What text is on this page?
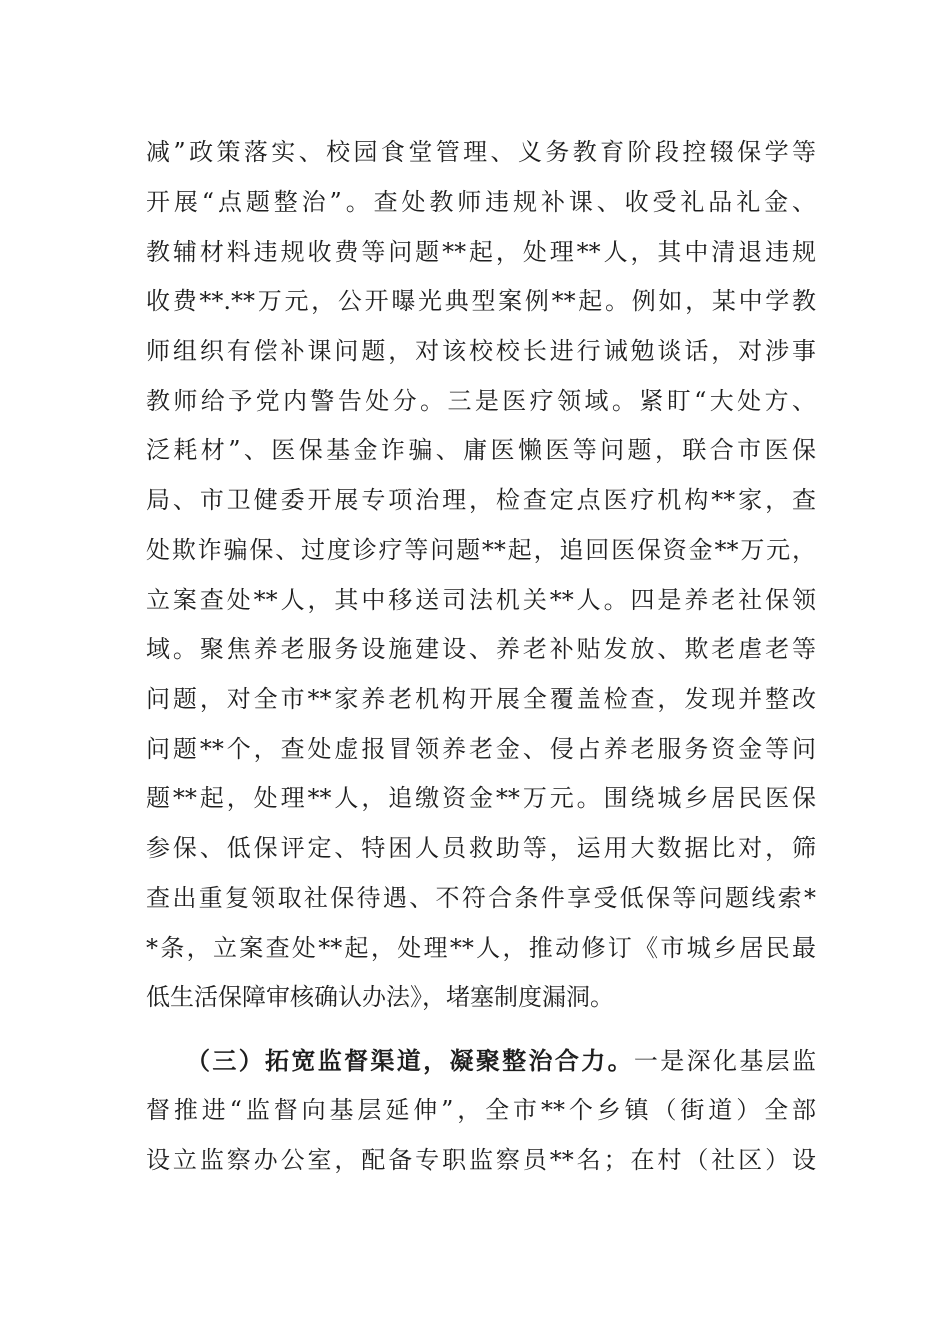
减”政策落实、校园食堂管理、义务教育阶段控辍保学等
开展“点题整治”。查处教师违规补课、收受礼品礼金、
教辅材料违规收费等问题**起，处理**人，其中清退违规
收费**.**万元，公开曝光典型案例**起。例如，某中学教
师组织有偿补课问题，对该校校长进行诫勉谈话，对涉事
教师给予党内警告处分。三是医疗领域。紧盯“大处方、
泛耗材”、医保基金诈骗、庸医懒医等问题，联合市医保
局、市卫健委开展专项治理，检查定点医疗机构**家，查
处欺诈骗保、过度诊疗等问题**起，追回医保资金**万元，
立案查处**人，其中移送司法机关**人。四是养老社保领
域。聚焦养老服务设施建设、养老补贴发放、欺老虐老等
问题，对全市**家养老机构开展全覆盖检查，发现并整改
问题**个，查处虚报冒领养老金、侵占养老服务资金等问
题**起，处理**人，追缴资金**万元。围绕城乡居民医保
参保、低保评定、特困人员救助等，运用大数据比对，筛
查出重复领取社保待遇、不符合条件享受低保等问题线索*
*条，立案查处**起，处理**人，推动修订《市城乡居民最
低生活保障审核确认办法》，堵塞制度漏洞。
（三）拓宽监督渠道，凝聚整治合力。一是深化基层监
督推进“监督向基层延伸”，全市**个乡镇（街道）全部
设立监察办公室，配备专职监察员**名；在村（社区）设
